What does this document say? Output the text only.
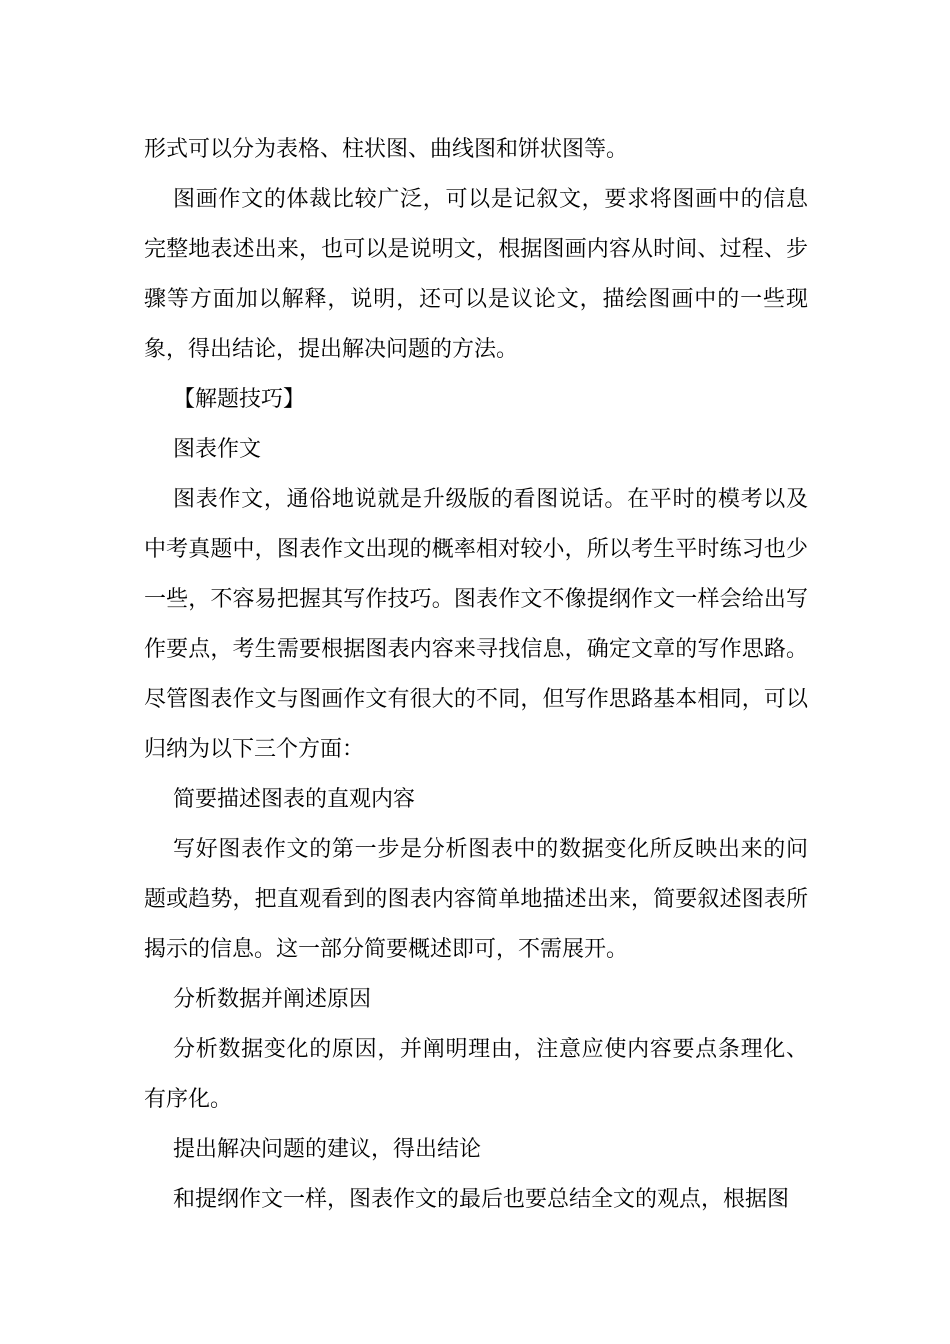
形式可以分为表格、柱状图、曲线图和饼状图等。

图画作文的体裁比较广泛，可以是记叙文，要求将图画中的信息完整地表述出来，也可以是说明文，根据图画内容从时间、过程、步骤等方面加以解释，说明，还可以是议论文，描绘图画中的一些现象，得出结论，提出解决问题的方法。

【解题技巧】

图表作文

图表作文，通俗地说就是升级版的看图说话。在平时的模考以及中考真题中，图表作文出现的概率相对较小，所以考生平时练习也少一些，不容易把握其写作技巧。图表作文不像提纲作文一样会给出写作要点，考生需要根据图表内容来寻找信息，确定文章的写作思路。尽管图表作文与图画作文有很大的不同，但写作思路基本相同，可以归纳为以下三个方面：

简要描述图表的直观内容

写好图表作文的第一步是分析图表中的数据变化所反映出来的问题或趋势，把直观看到的图表内容简单地描述出来，简要叙述图表所揭示的信息。这一部分简要概述即可，不需展开。

分析数据并阐述原因

分析数据变化的原因，并阐明理由，注意应使内容要点条理化、有序化。

提出解决问题的建议，得出结论

和提纲作文一样，图表作文的最后也要总结全文的观点，根据图
